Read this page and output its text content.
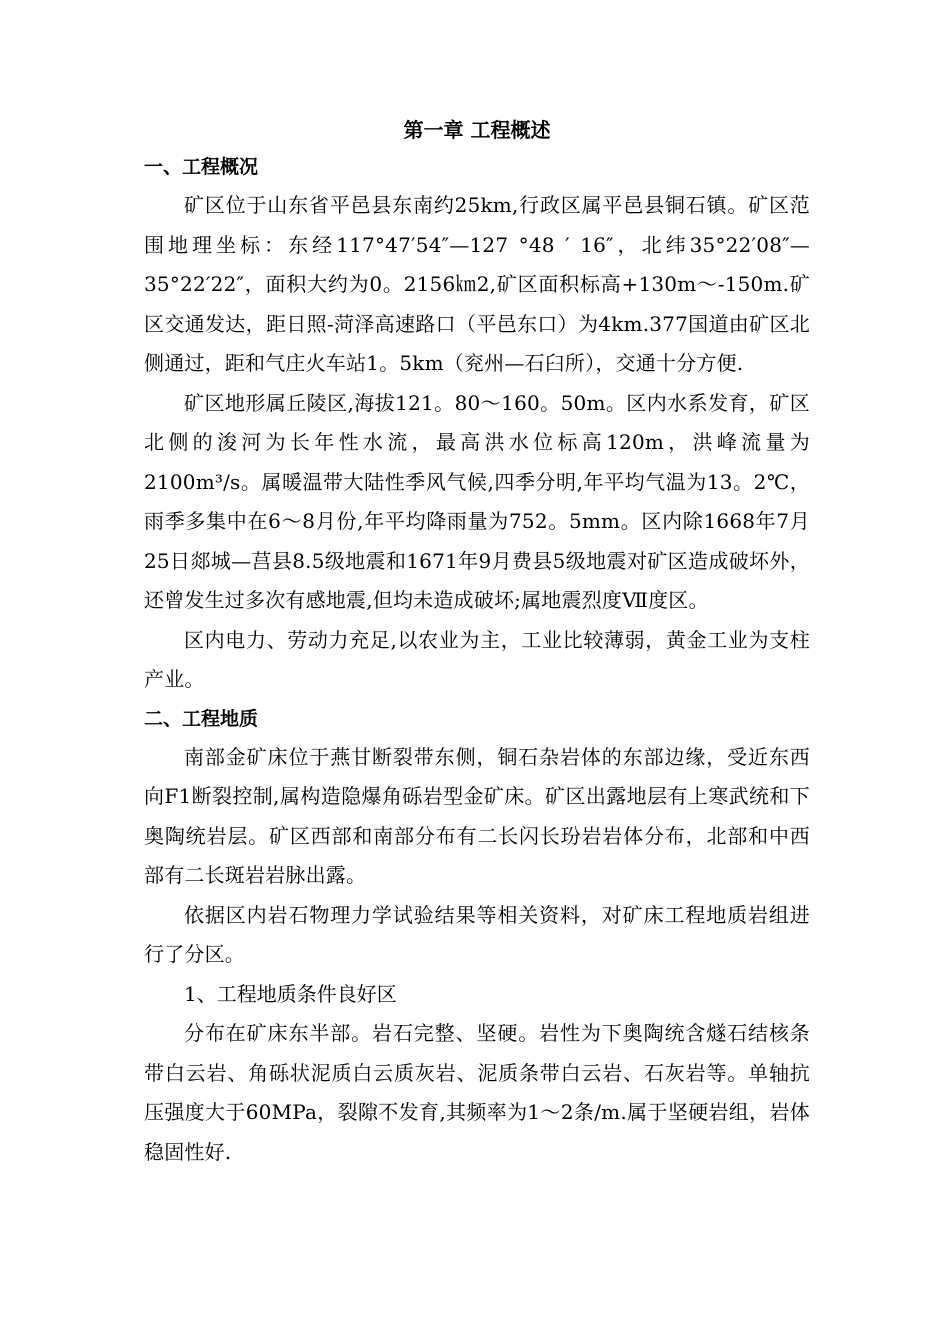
第一章 工程概述

一、工程概况

矿区位于山东省平邑县东南约25km,行政区属平邑县铜石镇。矿区范围地理坐标：东经117°47′54″—127 °48 ′ 16″，北纬35°22′08″—35°22′22″，面积大约为0。2156㎞2,矿区面积标高+130m～-150m.矿区交通发达，距日照-菏泽高速路口（平邑东口）为4km.377国道由矿区北侧通过，距和气庄火车站1。5km（兖州—石臼所），交通十分方便.

矿区地形属丘陵区,海拔121。80～160。50m。区内水系发育，矿区北侧的浚河为长年性水流，最高洪水位标高120m，洪峰流量为2100m³/s。属暖温带大陆性季风气候,四季分明,年平均气温为13。2℃，雨季多集中在6～8月份,年平均降雨量为752。5mm。区内除1668年7月25日郯城—莒县8.5级地震和1671年9月费县5级地震对矿区造成破坏外，还曾发生过多次有感地震,但均未造成破坏;属地震烈度Ⅶ度区。

区内电力、劳动力充足,以农业为主，工业比较薄弱，黄金工业为支柱产业。

二、工程地质

南部金矿床位于燕甘断裂带东侧，铜石杂岩体的东部边缘，受近东西向F1断裂控制,属构造隐爆角砾岩型金矿床。矿区出露地层有上寒武统和下奥陶统岩层。矿区西部和南部分布有二长闪长玢岩岩体分布，北部和中西部有二长斑岩岩脉出露。

依据区内岩石物理力学试验结果等相关资料，对矿床工程地质岩组进行了分区。

1、工程地质条件良好区

分布在矿床东半部。岩石完整、坚硬。岩性为下奥陶统含燧石结核条带白云岩、角砾状泥质白云质灰岩、泥质条带白云岩、石灰岩等。单轴抗压强度大于60MPa，裂隙不发育,其频率为1～2条/m.属于坚硬岩组，岩体稳固性好.
